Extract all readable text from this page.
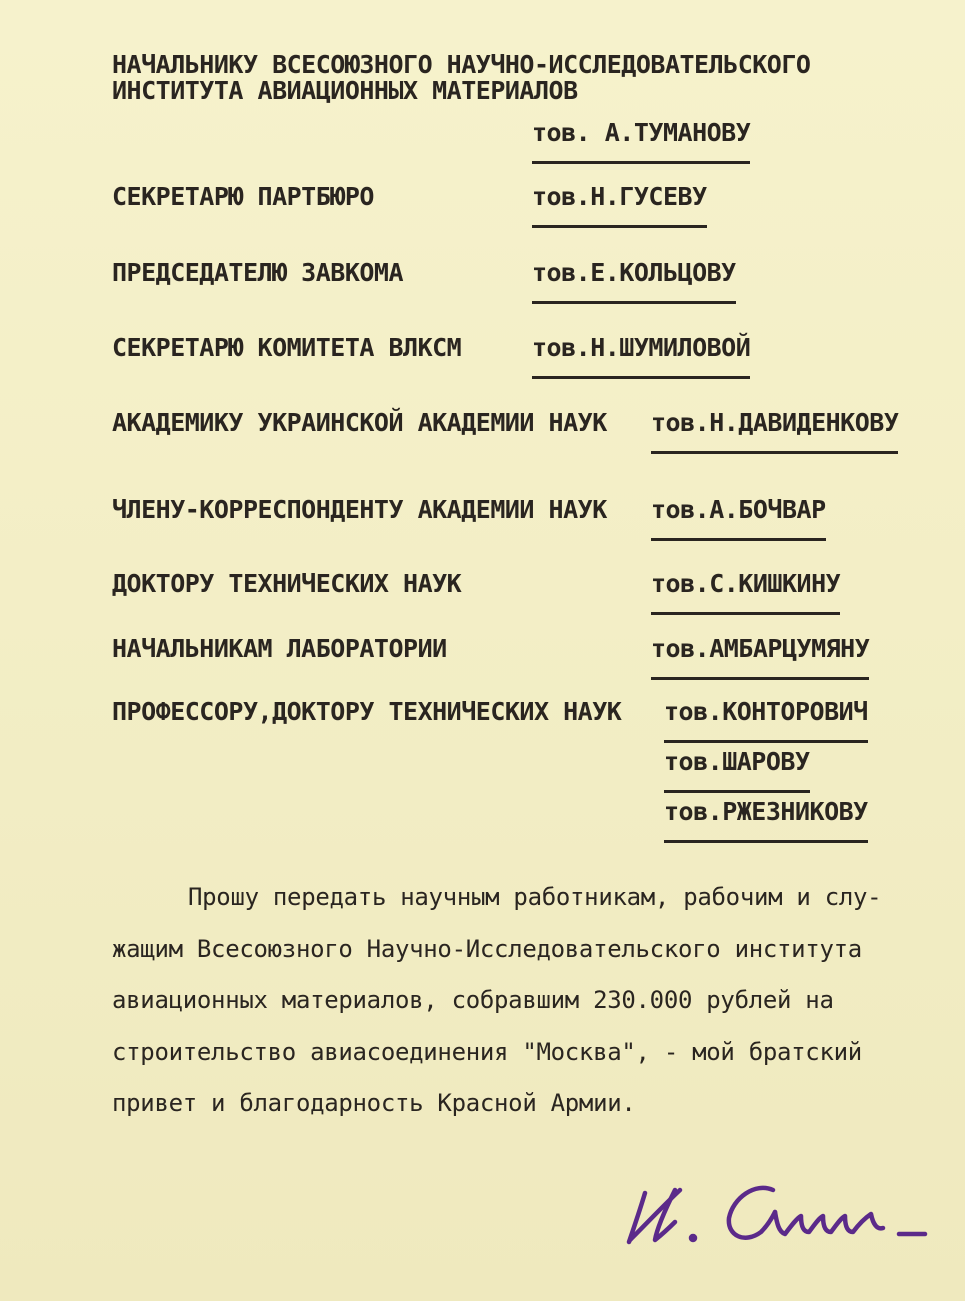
НАЧАЛЬНИКУ ВСЕСОЮЗНОГО НАУЧНО-ИССЛЕДОВАТЕЛЬСКОГО
ИНСТИТУТА АВИАЦИОННЫХ МАТЕРИАЛОВ
тов. А.ТУМАНОВУ
СЕКРЕТАРЮ ПАРТБЮРО	тов.Н.ГУСЕВУ
ПРЕДСЕДАТЕЛЮ ЗАВКОМА	тов.Е.КОЛЬЦОВУ
СЕКРЕТАРЮ КОМИТЕТА ВЛКСМ	тов.Н.ШУМИЛОВОЙ
АКАДЕМИКУ УКРАИНСКОЙ АКАДЕМИИ НАУК тов.Н.ДАВИДЕНКОВУ
ЧЛЕНУ-КОРРЕСПОНДЕНТУ АКАДЕМИИ НАУК тов.А.БОЧВАР
ДОКТОРУ ТЕХНИЧЕСКИХ НАУК	тов.С.КИШКИНУ
НАЧАЛЬНИКАМ ЛАБОРАТОРИИ	тов.АМБАРЦУМЯНУ
ПРОФЕССОРУ,ДОКТОРУ ТЕХНИЧЕСКИХ НАУК тов.КОНТОРОВИЧ
тов.ШАРОВУ
тов.РЖЕЗНИКОВУ
Прошу передать научным работникам, рабочим и слу-
жащим Всесоюзного Научно-Исследовательского института
авиационных материалов, собравшим 230.000 рублей на
строительство авиасоединения "Москва", - мой братский
привет и благодарность Красной Армии.
